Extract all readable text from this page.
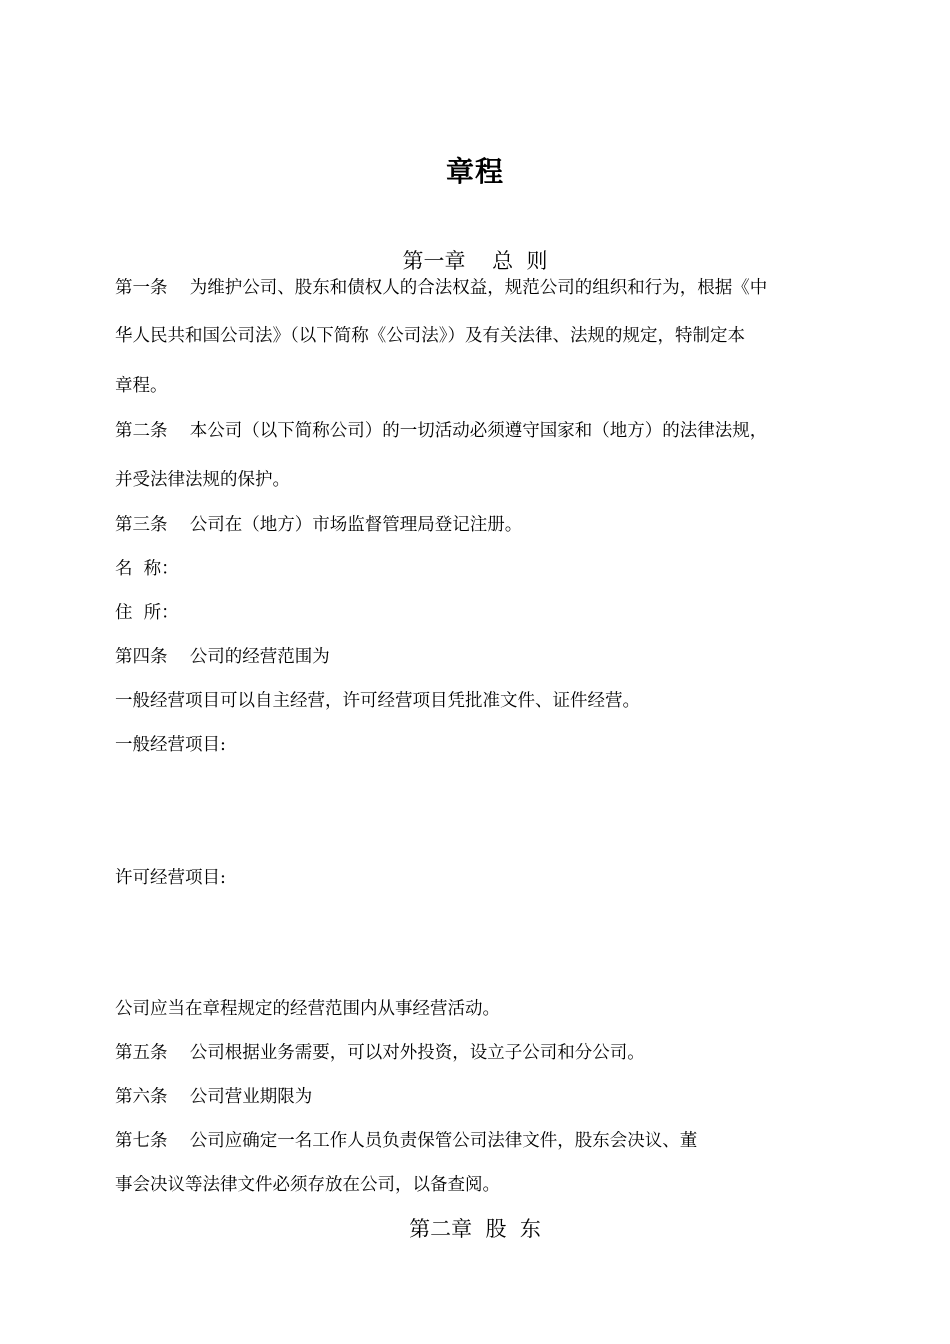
章程
第一章    总  则
第一条    为维护公司、股东和债权人的合法权益，规范公司的组织和行为，根据《中
华人民共和国公司法》（以下简称《公司法》）及有关法律、法规的规定，特制定本
章程。
第二条    本公司（以下简称公司）的一切活动必须遵守国家和（地方）的法律法规，
并受法律法规的保护。
第三条    公司在（地方）市场监督管理局登记注册。
名  称：
住  所：
第四条    公司的经营范围为
一般经营项目可以自主经营，许可经营项目凭批准文件、证件经营。
一般经营项目:
许可经营项目:
公司应当在章程规定的经营范围内从事经营活动。
第五条    公司根据业务需要，可以对外投资，设立子公司和分公司。
第六条    公司营业期限为
第七条    公司应确定一名工作人员负责保管公司法律文件，股东会决议、董
事会决议等法律文件必须存放在公司，以备查阅。
第二章  股  东
